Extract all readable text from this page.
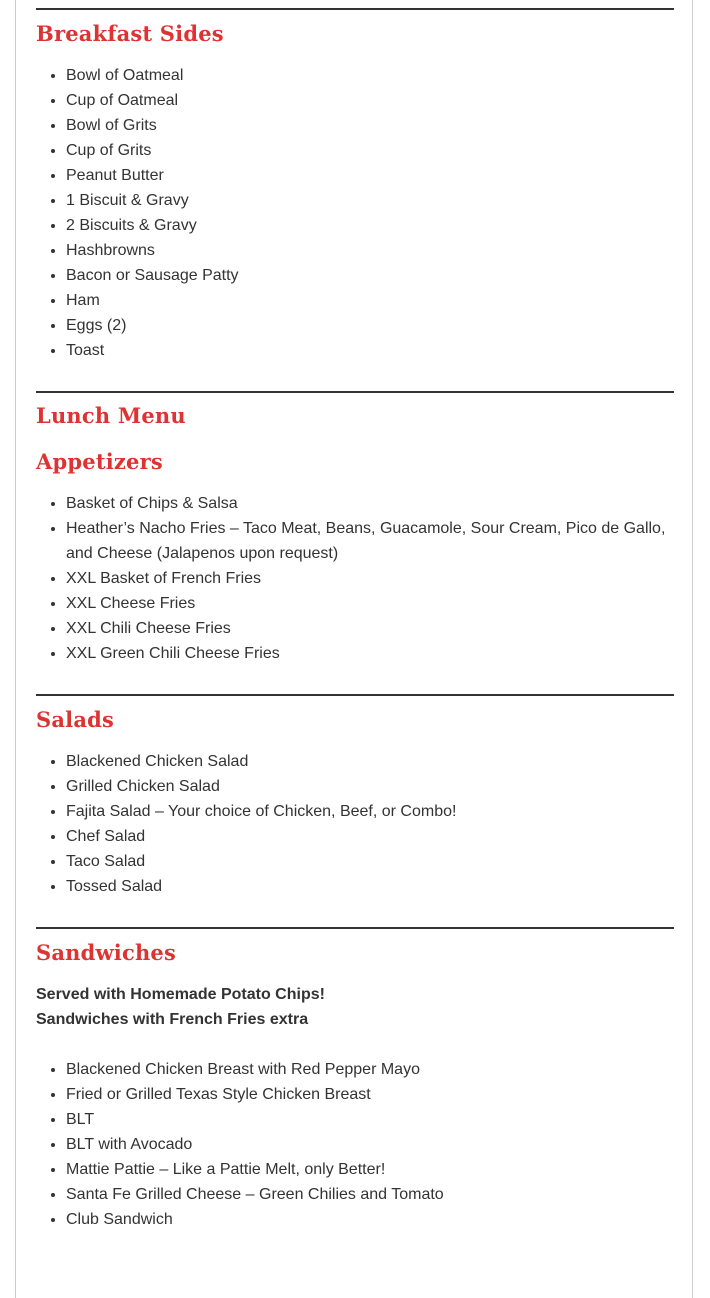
Breakfast Sides
• Bowl of Oatmeal
• Cup of Oatmeal
• Bowl of Grits
• Cup of Grits
• Peanut Butter
• 1 Biscuit & Gravy
• 2 Biscuits & Gravy
• Hashbrowns
• Bacon or Sausage Patty
• Ham
• Eggs (2)
• Toast
Lunch Menu
Appetizers
• Basket of Chips & Salsa
• Heather’s Nacho Fries – Taco Meat, Beans, Guacamole, Sour Cream, Pico de Gallo, and Cheese (Jalapenos upon request)
• XXL Basket of French Fries
• XXL Cheese Fries
• XXL Chili Cheese Fries
• XXL Green Chili Cheese Fries
Salads
• Blackened Chicken Salad
• Grilled Chicken Salad
• Fajita Salad – Your choice of Chicken, Beef, or Combo!
• Chef Salad
• Taco Salad
• Tossed Salad
Sandwiches

Served with Homemade Potato Chips!

Sandwiches with French Fries extra

• Blackened Chicken Breast with Red Pepper Mayo
• Fried or Grilled Texas Style Chicken Breast
• BLT
• BLT with Avocado
• Mattie Pattie – Like a Pattie Melt, only Better!
• Santa Fe Grilled Cheese – Green Chilies and Tomato
• Club Sandwich
